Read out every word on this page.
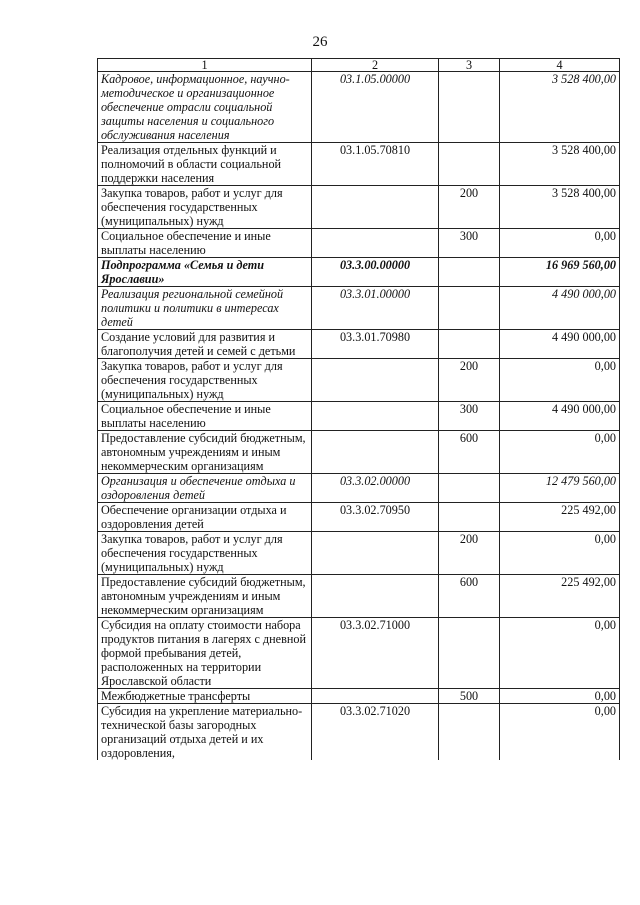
26
1	2	3	4
Кадровое, информационное, научно-методическое и организационное обеспечение отрасли социальной защиты населения и социального обслуживания населения	03.1.05.00000		3 528 400,00
Реализация отдельных функций и полномочий в области социальной поддержки населения	03.1.05.70810		3 528 400,00
Закупка товаров, работ и услуг для обеспечения государственных (муниципальных) нужд		200	3 528 400,00
Социальное обеспечение и иные выплаты населению		300	0,00
Подпрограмма «Семья и дети Ярославии»	03.3.00.00000		16 969 560,00
Реализация региональной семейной политики и политики в интересах детей	03.3.01.00000		4 490 000,00
Создание условий для развития и благополучия детей и семей с детьми	03.3.01.70980		4 490 000,00
Закупка товаров, работ и услуг для обеспечения государственных (муниципальных) нужд		200	0,00
Социальное обеспечение и иные выплаты населению		300	4 490 000,00
Предоставление субсидий бюджетным, автономным учреждениям и иным некоммерческим организациям		600	0,00
Организация и обеспечение отдыха и оздоровления детей	03.3.02.00000		12 479 560,00
Обеспечение организации отдыха и оздоровления детей	03.3.02.70950		225 492,00
Закупка товаров, работ и услуг для обеспечения государственных (муниципальных) нужд		200	0,00
Предоставление субсидий бюджетным, автономным учреждениям и иным некоммерческим организациям		600	225 492,00
Субсидия на оплату стоимости набора продуктов питания в лагерях с дневной формой пребывания детей, расположенных на территории Ярославской области	03.3.02.71000		0,00
Межбюджетные трансферты		500	0,00
Субсидия на укрепление материально-технической базы загородных организаций отдыха детей и их оздоровления,	03.3.02.71020		0,00
